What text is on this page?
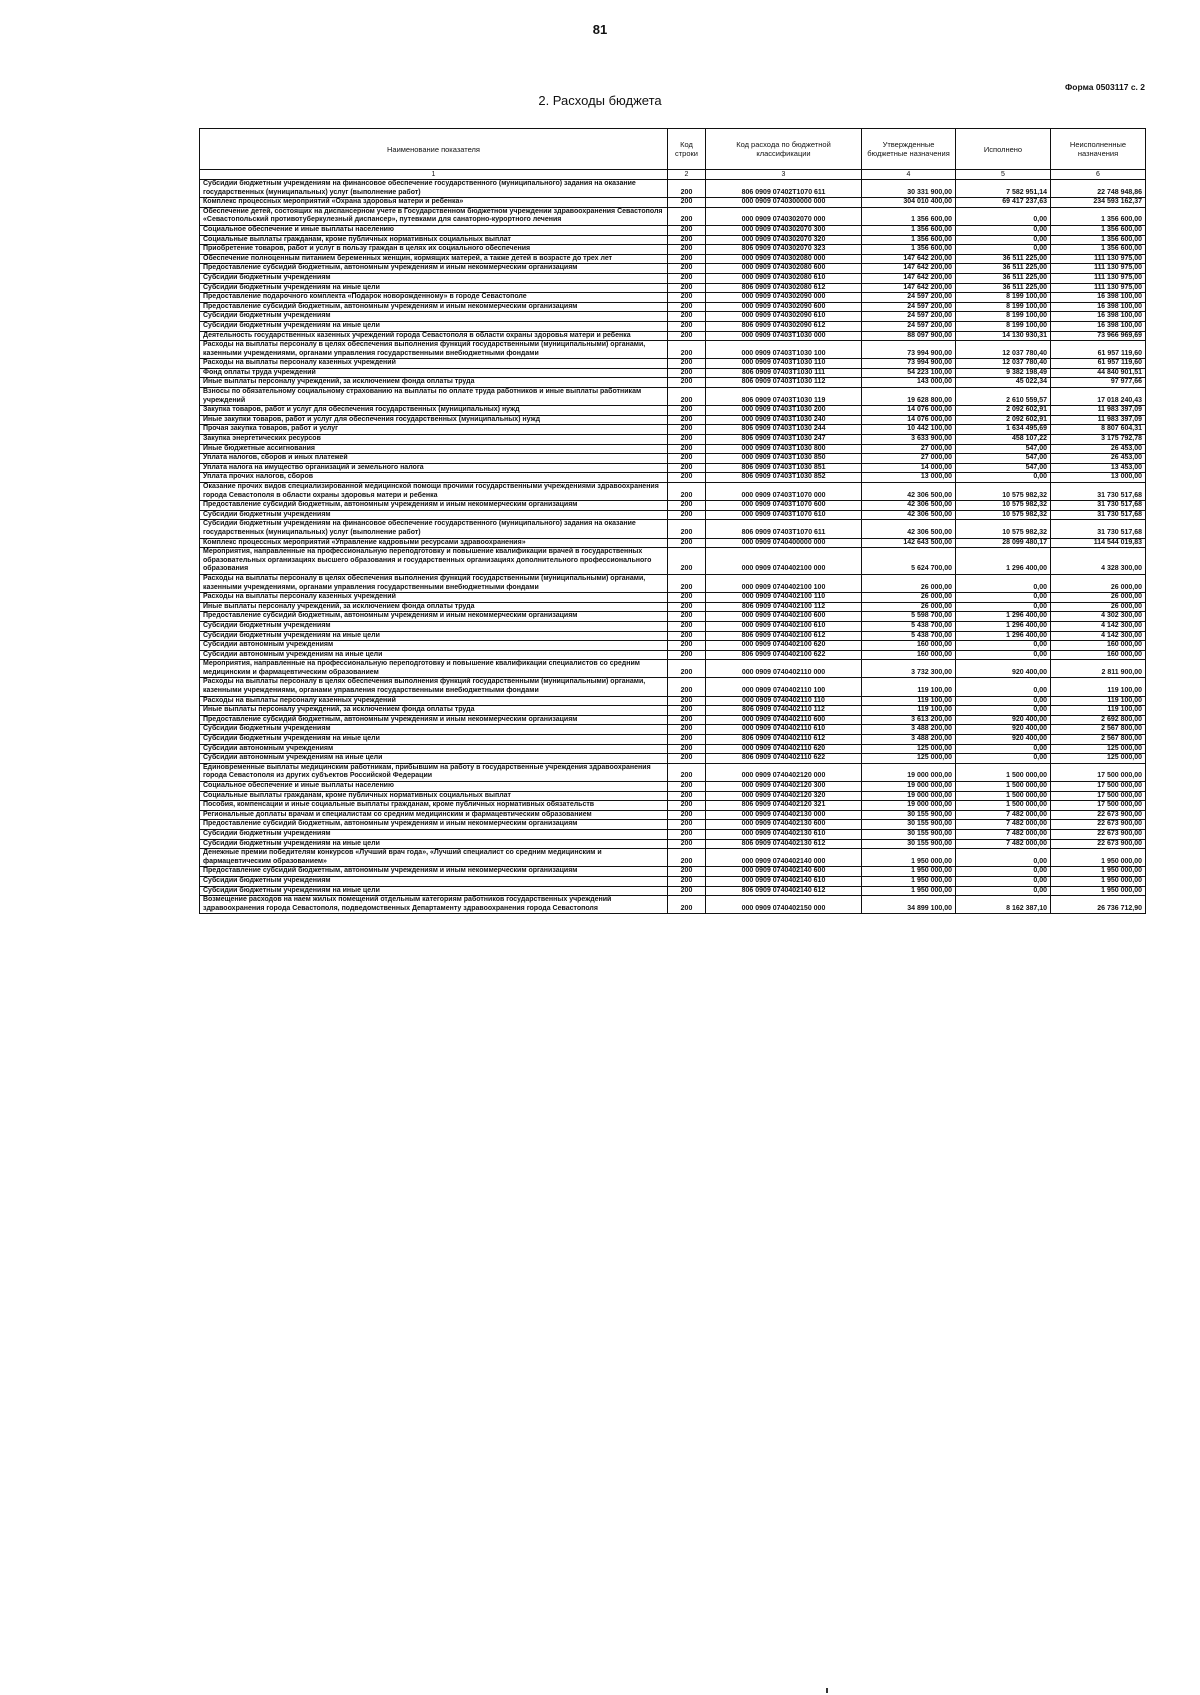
81
Форма 0503117 с. 2
2. Расходы бюджета
Наименование показателя	Код строки	Код расхода по бюджетной классификации	Утвержденные бюджетные назначения	Исполнено	Неисполненные назначения
1	2	3	4	5	6
Субсидии бюджетным учреждениям на финансовое обеспечение государственного (муниципального) задания на оказание государственных (муниципальных) услуг (выполнение работ)	200	806 0909 07402Т1070 611	30 331 900,00	7 582 951,14	22 748 948,86
Комплекс процессных мероприятий «Охрана здоровья матери и ребенка»	200	000 0909 0740300000 000	304 010 400,00	69 417 237,63	234 593 162,37
Обеспечение детей, состоящих на диспансерном учете в Государственном бюджетном учреждении здравоохранения Севастополя «Севастопольский противотуберкулезный диспансер», путевками для санаторно-курортного лечения	200	000 0909 0740302070 000	1 356 600,00	0,00	1 356 600,00
Социальное обеспечение и иные выплаты населению	200	000 0909 0740302070 300	1 356 600,00	0,00	1 356 600,00
Социальные выплаты гражданам, кроме публичных нормативных социальных выплат	200	000 0909 0740302070 320	1 356 600,00	0,00	1 356 600,00
Приобретение товаров, работ и услуг в пользу граждан в целях их социального обеспечения	200	806 0909 0740302070 323	1 356 600,00	0,00	1 356 600,00
Обеспечение полноценным питанием беременных женщин, кормящих матерей, а также детей в возрасте до трех лет	200	000 0909 0740302080 000	147 642 200,00	36 511 225,00	111 130 975,00
Предоставление субсидий бюджетным, автономным учреждениям и иным некоммерческим организациям	200	000 0909 0740302080 600	147 642 200,00	36 511 225,00	111 130 975,00
Субсидии бюджетным учреждениям	200	000 0909 0740302080 610	147 642 200,00	36 511 225,00	111 130 975,00
Субсидии бюджетным учреждениям на иные цели	200	806 0909 0740302080 612	147 642 200,00	36 511 225,00	111 130 975,00
Предоставление подарочного комплекта «Подарок новорожденному» в городе Севастополе	200	000 0909 0740302090 000	24 597 200,00	8 199 100,00	16 398 100,00
Предоставление субсидий бюджетным, автономным учреждениям и иным некоммерческим организациям	200	000 0909 0740302090 600	24 597 200,00	8 199 100,00	16 398 100,00
Субсидии бюджетным учреждениям	200	000 0909 0740302090 610	24 597 200,00	8 199 100,00	16 398 100,00
Субсидии бюджетным учреждениям на иные цели	200	806 0909 0740302090 612	24 597 200,00	8 199 100,00	16 398 100,00
Деятельность государственных казенных учреждений города Севастополя в области охраны здоровья матери и ребенка	200	000 0909 07403Т1030 000	88 097 900,00	14 130 930,31	73 966 969,69
Расходы на выплаты персоналу в целях обеспечения выполнения функций государственными (муниципальными) органами, казенными учреждениями, органами управления государственными внебюджетными фондами	200	000 0909 07403Т1030 100	73 994 900,00	12 037 780,40	61 957 119,60
Расходы на выплаты персоналу казенных учреждений	200	000 0909 07403Т1030 110	73 994 900,00	12 037 780,40	61 957 119,60
Фонд оплаты труда учреждений	200	806 0909 07403Т1030 111	54 223 100,00	9 382 198,49	44 840 901,51
Иные выплаты персоналу учреждений, за исключением фонда оплаты труда	200	806 0909 07403Т1030 112	143 000,00	45 022,34	97 977,66
Взносы по обязательному социальному страхованию на выплаты по оплате труда работников и иные выплаты работникам учреждений	200	806 0909 07403Т1030 119	19 628 800,00	2 610 559,57	17 018 240,43
Закупка товаров, работ и услуг для обеспечения государственных (муниципальных) нужд	200	000 0909 07403Т1030 200	14 076 000,00	2 092 602,91	11 983 397,09
Иные закупки товаров, работ и услуг для обеспечения государственных (муниципальных) нужд	200	000 0909 07403Т1030 240	14 076 000,00	2 092 602,91	11 983 397,09
Прочая закупка товаров, работ и услуг	200	806 0909 07403Т1030 244	10 442 100,00	1 634 495,69	8 807 604,31
Закупка энергетических ресурсов	200	806 0909 07403Т1030 247	3 633 900,00	458 107,22	3 175 792,78
Иные бюджетные ассигнования	200	000 0909 07403Т1030 800	27 000,00	547,00	26 453,00
Уплата налогов, сборов и иных платежей	200	000 0909 07403Т1030 850	27 000,00	547,00	26 453,00
Уплата налога на имущество организаций и земельного налога	200	806 0909 07403Т1030 851	14 000,00	547,00	13 453,00
Уплата прочих налогов, сборов	200	806 0909 07403Т1030 852	13 000,00	0,00	13 000,00
Оказание прочих видов специализированной медицинской помощи прочими государственными учреждениями здравоохранения города Севастополя в области охраны здоровья матери и ребенка	200	000 0909 07403Т1070 000	42 306 500,00	10 575 982,32	31 730 517,68
Предоставление субсидий бюджетным, автономным учреждениям и иным некоммерческим организациям	200	000 0909 07403Т1070 600	42 306 500,00	10 575 982,32	31 730 517,68
Субсидии бюджетным учреждениям	200	000 0909 07403Т1070 610	42 306 500,00	10 575 982,32	31 730 517,68
Субсидии бюджетным учреждениям на финансовое обеспечение государственного (муниципального) задания на оказание государственных (муниципальных) услуг (выполнение работ)	200	806 0909 07403Т1070 611	42 306 500,00	10 575 982,32	31 730 517,68
Комплекс процессных мероприятий «Управление кадровыми ресурсами здравоохранения»	200	000 0909 0740400000 000	142 643 500,00	28 099 480,17	114 544 019,83
Мероприятия, направленные на профессиональную переподготовку и повышение квалификации врачей в государственных образовательных организациях высшего образования и государственных организациях дополнительного профессионального образования	200	000 0909 0740402100 000	5 624 700,00	1 296 400,00	4 328 300,00
Расходы на выплаты персоналу в целях обеспечения выполнения функций государственными (муниципальными) органами, казенными учреждениями, органами управления государственными внебюджетными фондами	200	000 0909 0740402100 100	26 000,00	0,00	26 000,00
Расходы на выплаты персоналу казенных учреждений	200	000 0909 0740402100 110	26 000,00	0,00	26 000,00
Иные выплаты персоналу учреждений, за исключением фонда оплаты труда	200	806 0909 0740402100 112	26 000,00	0,00	26 000,00
Предоставление субсидий бюджетным, автономным учреждениям и иным некоммерческим организациям	200	000 0909 0740402100 600	5 598 700,00	1 296 400,00	4 302 300,00
Субсидии бюджетным учреждениям	200	000 0909 0740402100 610	5 438 700,00	1 296 400,00	4 142 300,00
Субсидии бюджетным учреждениям на иные цели	200	806 0909 0740402100 612	5 438 700,00	1 296 400,00	4 142 300,00
Субсидии автономным учреждениям	200	000 0909 0740402100 620	160 000,00	0,00	160 000,00
Субсидии автономным учреждениям на иные цели	200	806 0909 0740402100 622	160 000,00	0,00	160 000,00
Мероприятия, направленные на профессиональную переподготовку и повышение квалификации специалистов со средним медицинским и фармацевтическим образованием	200	000 0909 0740402110 000	3 732 300,00	920 400,00	2 811 900,00
Расходы на выплаты персоналу в целях обеспечения выполнения функций государственными (муниципальными) органами, казенными учреждениями, органами управления государственными внебюджетными фондами	200	000 0909 0740402110 100	119 100,00	0,00	119 100,00
Расходы на выплаты персоналу казенных учреждений	200	000 0909 0740402110 110	119 100,00	0,00	119 100,00
Иные выплаты персоналу учреждений, за исключением фонда оплаты труда	200	806 0909 0740402110 112	119 100,00	0,00	119 100,00
Предоставление субсидий бюджетным, автономным учреждениям и иным некоммерческим организациям	200	000 0909 0740402110 600	3 613 200,00	920 400,00	2 692 800,00
Субсидии бюджетным учреждениям	200	000 0909 0740402110 610	3 488 200,00	920 400,00	2 567 800,00
Субсидии бюджетным учреждениям на иные цели	200	806 0909 0740402110 612	3 488 200,00	920 400,00	2 567 800,00
Субсидии автономным учреждениям	200	000 0909 0740402110 620	125 000,00	0,00	125 000,00
Субсидии автономным учреждениям на иные цели	200	806 0909 0740402110 622	125 000,00	0,00	125 000,00
Единовременные выплаты медицинским работникам, прибывшим на работу в государственные учреждения здравоохранения города Севастополя из других субъектов Российской Федерации	200	000 0909 0740402120 000	19 000 000,00	1 500 000,00	17 500 000,00
Социальное обеспечение и иные выплаты населению	200	000 0909 0740402120 300	19 000 000,00	1 500 000,00	17 500 000,00
Социальные выплаты гражданам, кроме публичных нормативных социальных выплат	200	000 0909 0740402120 320	19 000 000,00	1 500 000,00	17 500 000,00
Пособия, компенсации и иные социальные выплаты гражданам, кроме публичных нормативных обязательств	200	806 0909 0740402120 321	19 000 000,00	1 500 000,00	17 500 000,00
Региональные доплаты врачам и специалистам со средним медицинским и фармацевтическим образованием	200	000 0909 0740402130 000	30 155 900,00	7 482 000,00	22 673 900,00
Предоставление субсидий бюджетным, автономным учреждениям и иным некоммерческим организациям	200	000 0909 0740402130 600	30 155 900,00	7 482 000,00	22 673 900,00
Субсидии бюджетным учреждениям	200	000 0909 0740402130 610	30 155 900,00	7 482 000,00	22 673 900,00
Субсидии бюджетным учреждениям на иные цели	200	806 0909 0740402130 612	30 155 900,00	7 482 000,00	22 673 900,00
Денежные премии победителям конкурсов «Лучший врач года», «Лучший специалист со средним медицинским и фармацевтическим образованием»	200	000 0909 0740402140 000	1 950 000,00	0,00	1 950 000,00
Предоставление субсидий бюджетным, автономным учреждениям и иным некоммерческим организациям	200	000 0909 0740402140 600	1 950 000,00	0,00	1 950 000,00
Субсидии бюджетным учреждениям	200	000 0909 0740402140 610	1 950 000,00	0,00	1 950 000,00
Субсидии бюджетным учреждениям на иные цели	200	806 0909 0740402140 612	1 950 000,00	0,00	1 950 000,00
Возмещение расходов на наем жилых помещений отдельным категориям работников государственных учреждений здравоохранения города Севастополя, подведомственных Департаменту здравоохранения города Севастополя	200	000 0909 0740402150 000	34 899 100,00	8 162 387,10	26 736 712,90
